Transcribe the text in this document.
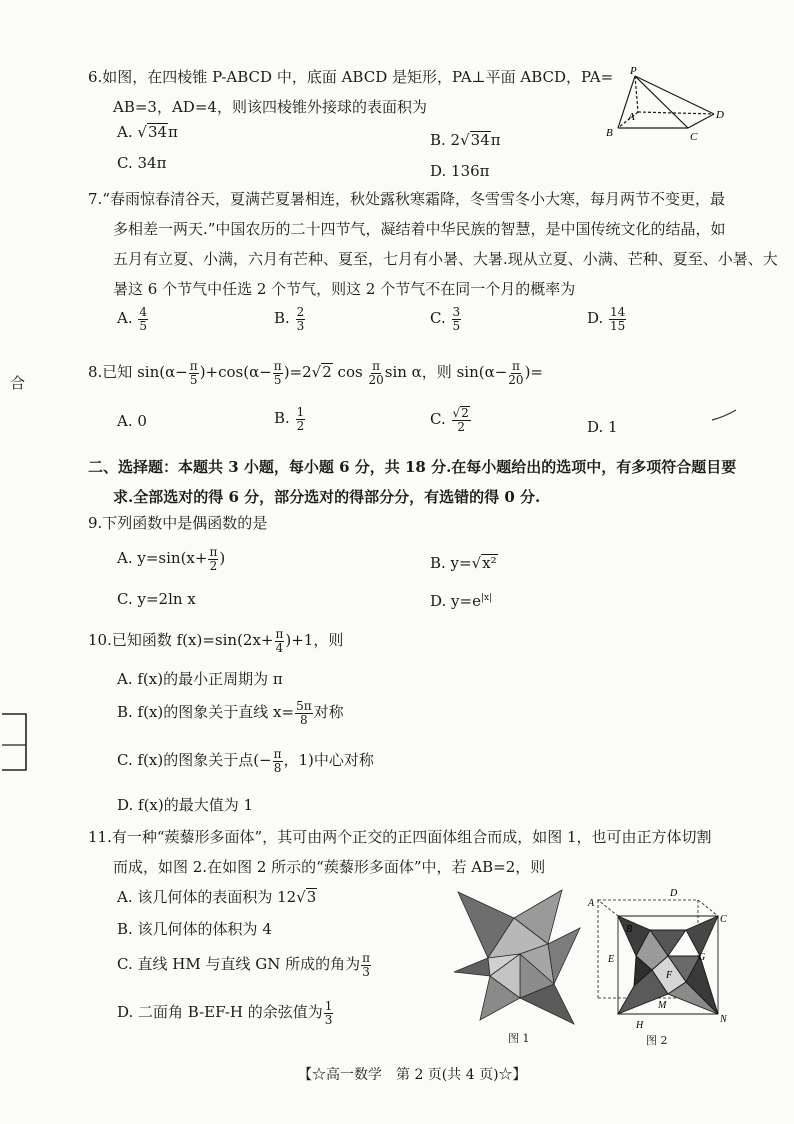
合
6.如图，在四棱锥 P-ABCD 中，底面 ABCD 是矩形，PA⊥平面 ABCD，PA=
AB=3，AD=4，则该四棱锥外接球的表面积为
A. √34π	B. 2√34π
C. 34π	D. 136π
P
A
B	C
D
7.“春雨惊春清谷天，夏满芒夏暑相连，秋处露秋寒霜降，冬雪雪冬小大寒，每月两节不变更，最
多相差一两天.”中国农历的二十四节气，凝结着中华民族的智慧，是中国传统文化的结晶，如
五月有立夏、小满，六月有芒种、夏至，七月有小暑、大暑.现从立夏、小满、芒种、夏至、小暑、大
暑这 6 个节气中任选 2 个节气，则这 2 个节气不在同一个月的概率为
A. $\frac{4}{5}$	B. $\frac{2}{3}$	C. $\frac{3}{5}$	D. $\frac{14}{15}$
8.已知 $\sin(\alpha- \frac{\pi}{5} )+\cos(\alpha- \frac{\pi}{5} )=2√2$ $\cos \frac{\pi}{20}$ sin α，则 $\sin(\alpha- \frac{\pi}{20}$ )=
A. 0	B. $\frac{1}{2}$	C. $\frac{√2}{2}$	D. 1
二、选择题：本题共 3 小题，每小题 6 分，共 18 分.在每小题给出的选项中，有多项符合题目要
求.全部选对的得 6 分，部分选对的得部分分，有选错的得 0 分.
9.下列函数中是偶函数的是
A. $y=\sin(x+ \frac{\pi}{2}$ )	B. y=√x²
C. y=2ln x	D. $y=e^{|x|}$
10.已知函数 $f(x)=\sin(2x+ \frac{\pi}{4} )+1$，则
A. f(x)的最小正周期为 π
B. f(x)的图象关于直线 $x= \frac{5\pi}{8}$ 对称
C. f(x)的图象关于点(− $\frac{\pi}{8}$ ，1)中心对称
D. f(x)的最大值为 1
11.有一种“蒺藜形多面体”，其可由两个正交的正四面体组合而成，如图 1，也可由正方体切割
而成，如图 2.在如图 2 所示的“蒺藜形多面体”中，若 AB=2，则
A. 该几何体的表面积为 12√3
B. 该几何体的体积为 4
C. 直线 HM 与直线 GN 所成的角为 $\frac{\pi}{3}$
D. 二面角 B-EF-H 的余弦值为 $\frac{1}{3}$
图 1
A
B
C
D
E
F
G
H
M
N
图 2
【☆高一数学　第 2 页(共 4 页)☆】
